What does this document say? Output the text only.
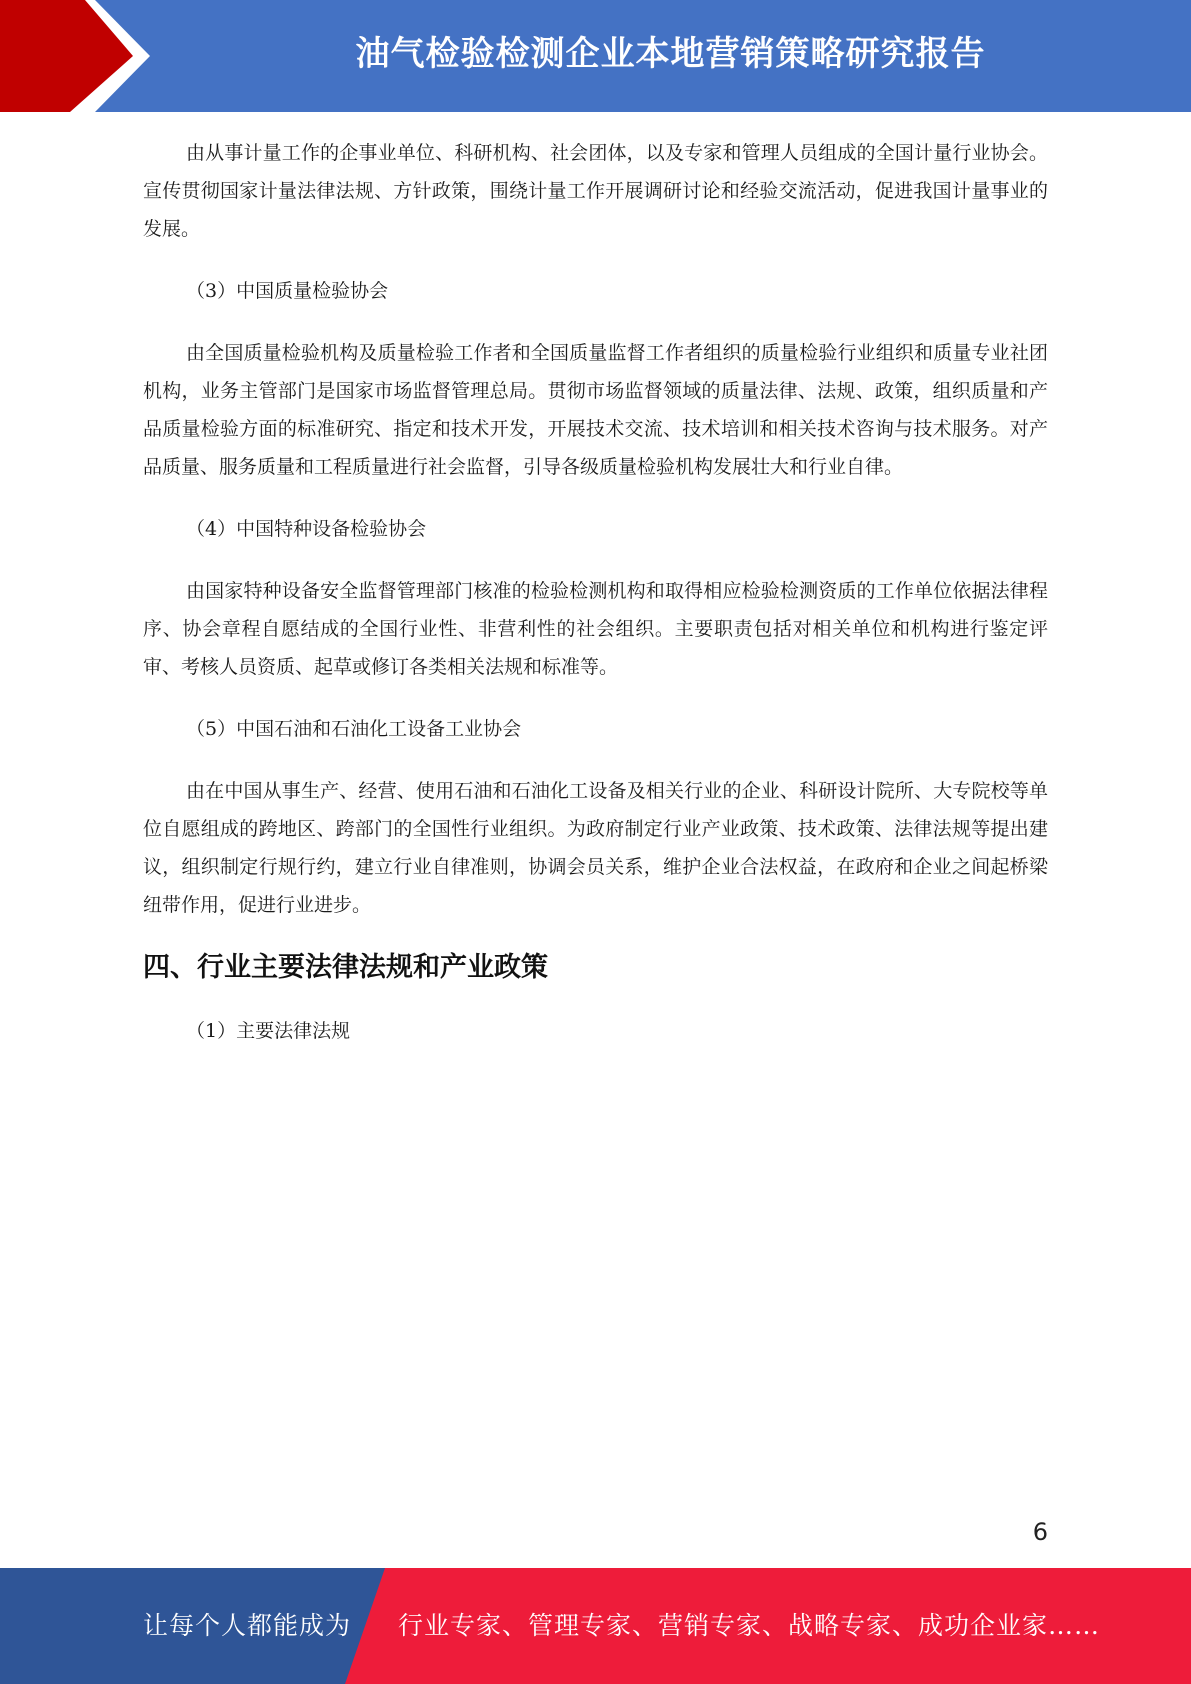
油气检验检测企业本地营销策略研究报告

由从事计量工作的企事业单位、科研机构、社会团体，以及专家和管理人员组成的全国计量行业协会。宣传贯彻国家计量法律法规、方针政策，围绕计量工作开展调研讨论和经验交流活动，促进我国计量事业的发展。

（3）中国质量检验协会

由全国质量检验机构及质量检验工作者和全国质量监督工作者组织的质量检验行业组织和质量专业社团机构，业务主管部门是国家市场监督管理总局。贯彻市场监督领域的质量法律、法规、政策，组织质量和产品质量检验方面的标准研究、指定和技术开发，开展技术交流、技术培训和相关技术咨询与技术服务。对产品质量、服务质量和工程质量进行社会监督，引导各级质量检验机构发展壮大和行业自律。

（4）中国特种设备检验协会

由国家特种设备安全监督管理部门核准的检验检测机构和取得相应检验检测资质的工作单位依据法律程序、协会章程自愿结成的全国行业性、非营利性的社会组织。主要职责包括对相关单位和机构进行鉴定评审、考核人员资质、起草或修订各类相关法规和标准等。

（5）中国石油和石油化工设备工业协会

由在中国从事生产、经营、使用石油和石油化工设备及相关行业的企业、科研设计院所、大专院校等单位自愿组成的跨地区、跨部门的全国性行业组织。为政府制定行业产业政策、技术政策、法律法规等提出建议，组织制定行规行约，建立行业自律准则，协调会员关系，维护企业合法权益，在政府和企业之间起桥梁纽带作用，促进行业进步。

四、行业主要法律法规和产业政策

（1）主要法律法规

6
让每个人都能成为 行业专家、管理专家、营销专家、战略专家、成功企业家……
